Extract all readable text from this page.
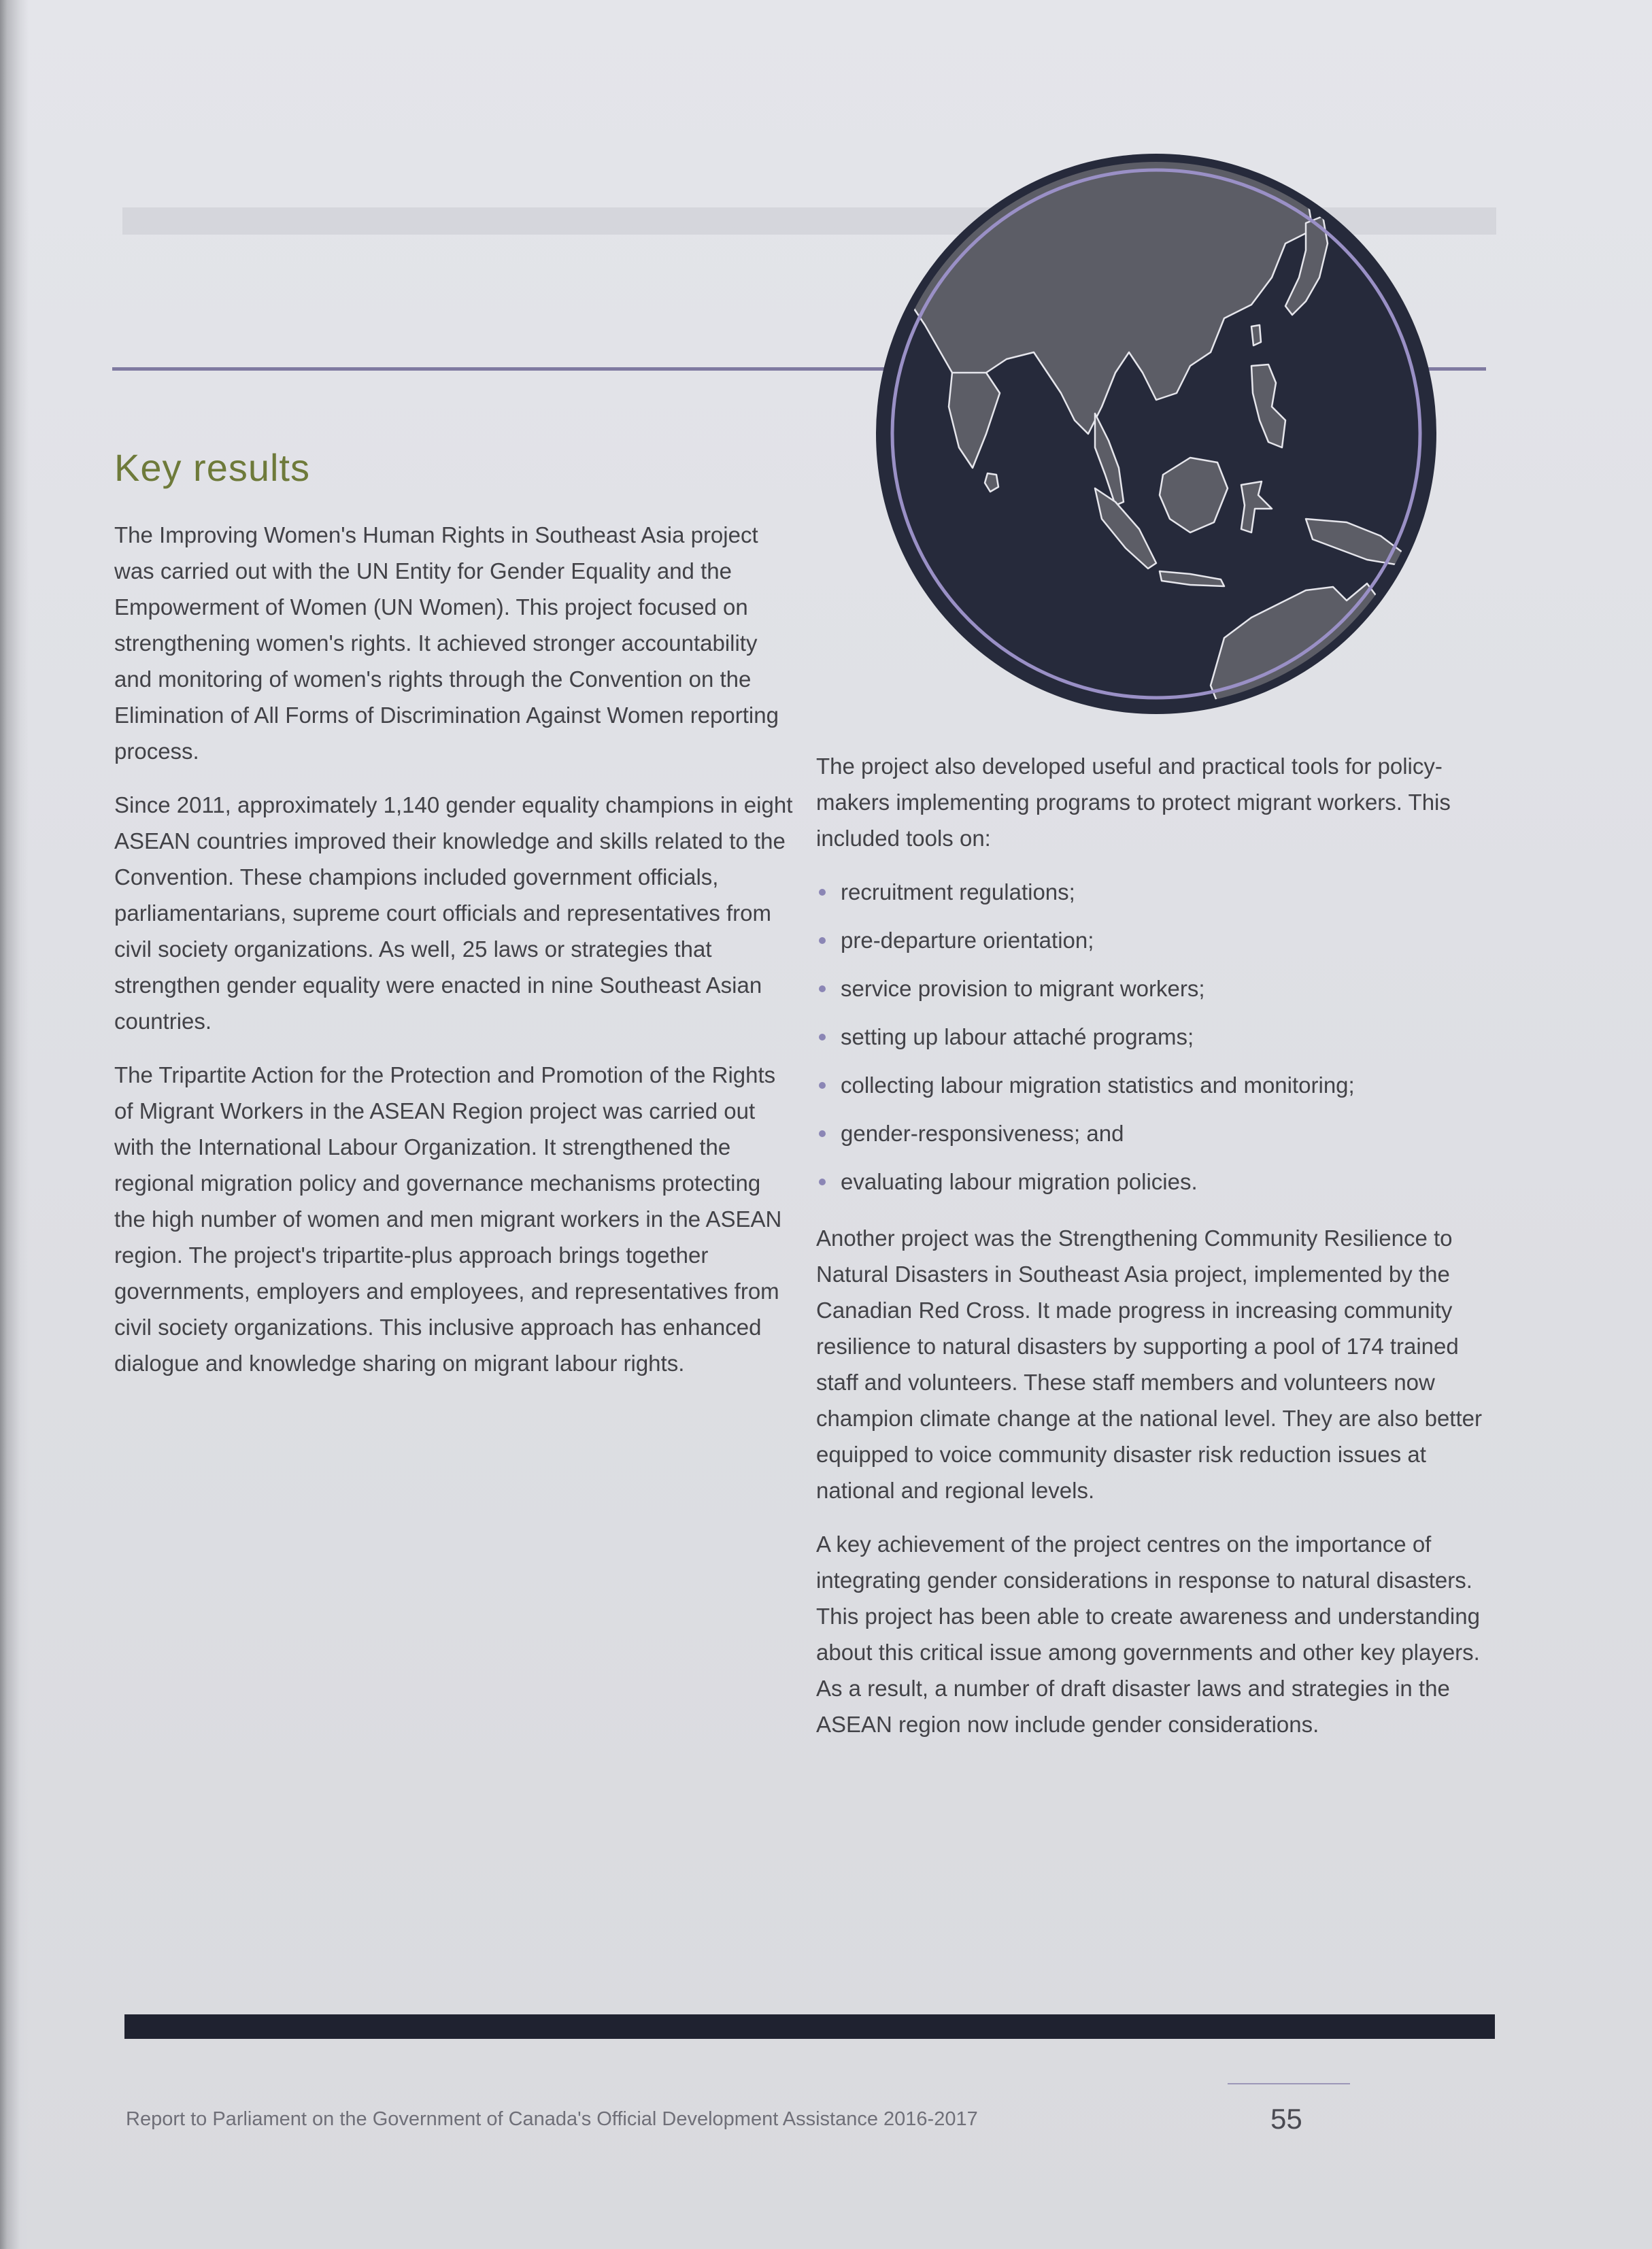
Key results

The Improving Women's Human Rights in Southeast Asia project was carried out with the UN Entity for Gender Equality and the Empowerment of Women (UN Women). This project focused on strengthening women's rights. It achieved stronger accountability and monitoring of women's rights through the Convention on the Elimination of All Forms of Discrimination Against Women reporting process.

Since 2011, approximately 1,140 gender equality champions in eight ASEAN countries improved their knowledge and skills related to the Convention. These champions included government officials, parliamentarians, supreme court officials and representatives from civil society organizations. As well, 25 laws or strategies that strengthen gender equality were enacted in nine Southeast Asian countries.

The Tripartite Action for the Protection and Promotion of the Rights of Migrant Workers in the ASEAN Region project was carried out with the International Labour Organization. It strengthened the regional migration policy and governance mechanisms protecting the high number of women and men migrant workers in the ASEAN region. The project's tripartite-plus approach brings together governments, employers and employees, and representatives from civil society organizations. This inclusive approach has enhanced dialogue and knowledge sharing on migrant labour rights.

The project also developed useful and practical tools for policy-makers implementing programs to protect migrant workers. This included tools on:

recruitment regulations;
pre-departure orientation;
service provision to migrant workers;
setting up labour attaché programs;
collecting labour migration statistics and monitoring;
gender-responsiveness; and
evaluating labour migration policies.

Another project was the Strengthening Community Resilience to Natural Disasters in Southeast Asia project, implemented by the Canadian Red Cross. It made progress in increasing community resilience to natural disasters by supporting a pool of 174 trained staff and volunteers. These staff members and volunteers now champion climate change at the national level. They are also better equipped to voice community disaster risk reduction issues at national and regional levels.

A key achievement of the project centres on the importance of integrating gender considerations in response to natural disasters. This project has been able to create awareness and understanding about this critical issue among governments and other key players. As a result, a number of draft disaster laws and strategies in the ASEAN region now include gender considerations.

Report to Parliament on the Government of Canada's Official Development Assistance 2016-2017	55
